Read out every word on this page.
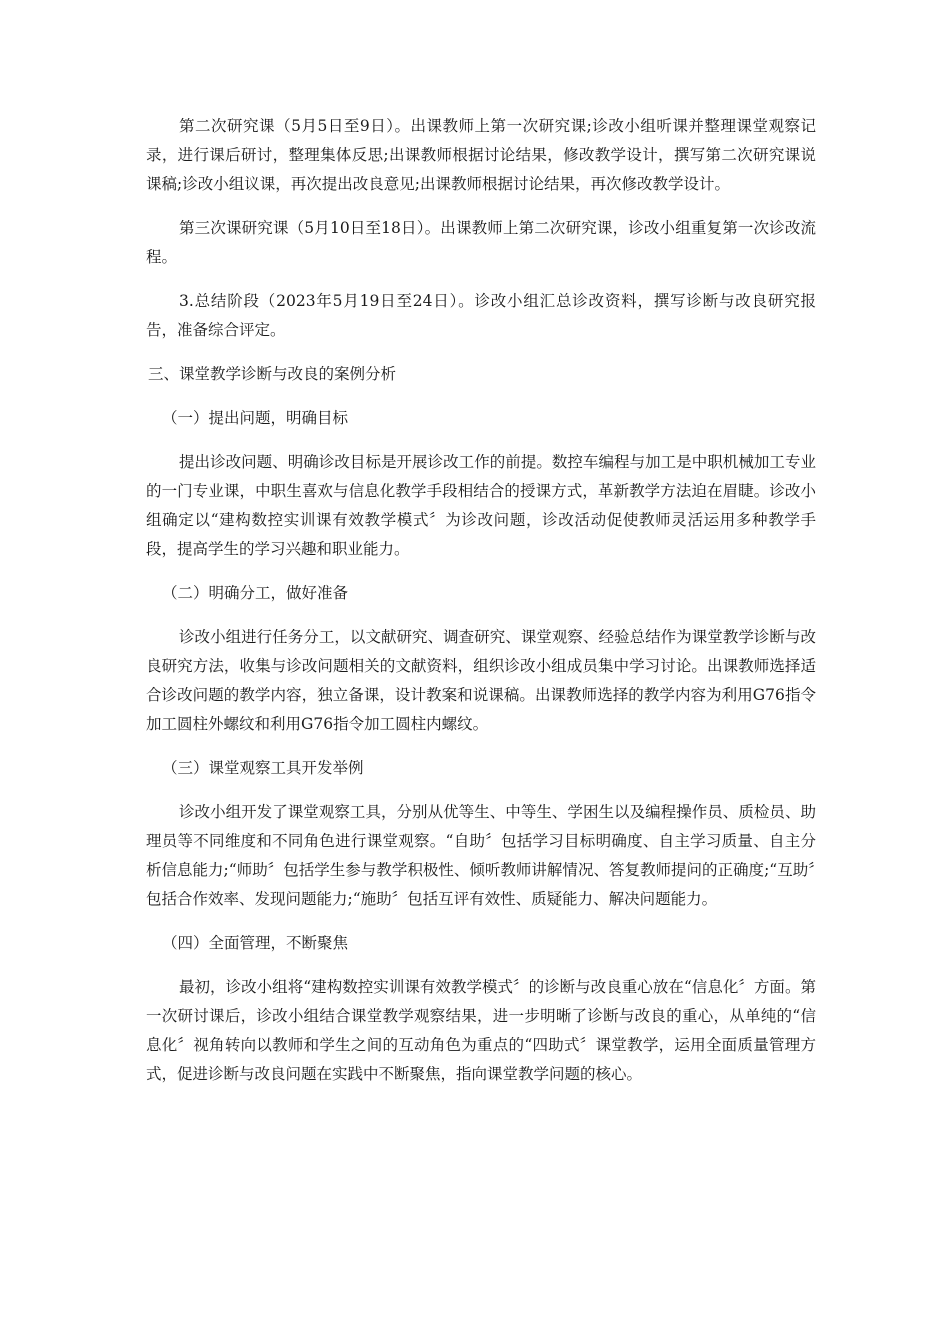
第二次研究课（5月5日至9日）。出课教师上第一次研究课;诊改小组听课并整理课堂观察记录，进行课后研讨，整理集体反思;出课教师根据讨论结果，修改教学设计，撰写第二次研究课说课稿;诊改小组议课，再次提出改良意见;出课教师根据讨论结果，再次修改教学设计。

第三次课研究课（5月10日至18日）。出课教师上第二次研究课，诊改小组重复第一次诊改流程。

3.总结阶段（2023年5月19日至24日）。诊改小组汇总诊改资料，撰写诊断与改良研究报告，准备综合评定。

三、课堂教学诊断与改良的案例分析

（一）提出问题，明确目标

提出诊改问题、明确诊改目标是开展诊改工作的前提。数控车编程与加工是中职机械加工专业的一门专业课，中职生喜欢与信息化教学手段相结合的授课方式，革新教学方法迫在眉睫。诊改小组确定以“建构数控实训课有效教学模式〞为诊改问题，诊改活动促使教师灵活运用多种教学手段，提高学生的学习兴趣和职业能力。

（二）明确分工，做好准备

诊改小组进行任务分工，以文献研究、调查研究、课堂观察、经验总结作为课堂教学诊断与改良研究方法，收集与诊改问题相关的文献资料，组织诊改小组成员集中学习讨论。出课教师选择适合诊改问题的教学内容，独立备课，设计教案和说课稿。出课教师选择的教学内容为利用G76指令加工圆柱外螺纹和利用G76指令加工圆柱内螺纹。

（三）课堂观察工具开发举例

诊改小组开发了课堂观察工具，分别从优等生、中等生、学困生以及编程操作员、质检员、助理员等不同维度和不同角色进行课堂观察。“自助〞包括学习目标明确度、自主学习质量、自主分析信息能力;“师助〞包括学生参与教学积极性、倾听教师讲解情况、答复教师提问的正确度;“互助〞包括合作效率、发现问题能力;“施助〞包括互评有效性、质疑能力、解决问题能力。

（四）全面管理，不断聚焦

最初，诊改小组将“建构数控实训课有效教学模式〞的诊断与改良重心放在“信息化〞方面。第一次研讨课后，诊改小组结合课堂教学观察结果，进一步明晰了诊断与改良的重心，从单纯的“信息化〞视角转向以教师和学生之间的互动角色为重点的“四助式〞课堂教学，运用全面质量管理方式，促进诊断与改良问题在实践中不断聚焦，指向课堂教学问题的核心。
